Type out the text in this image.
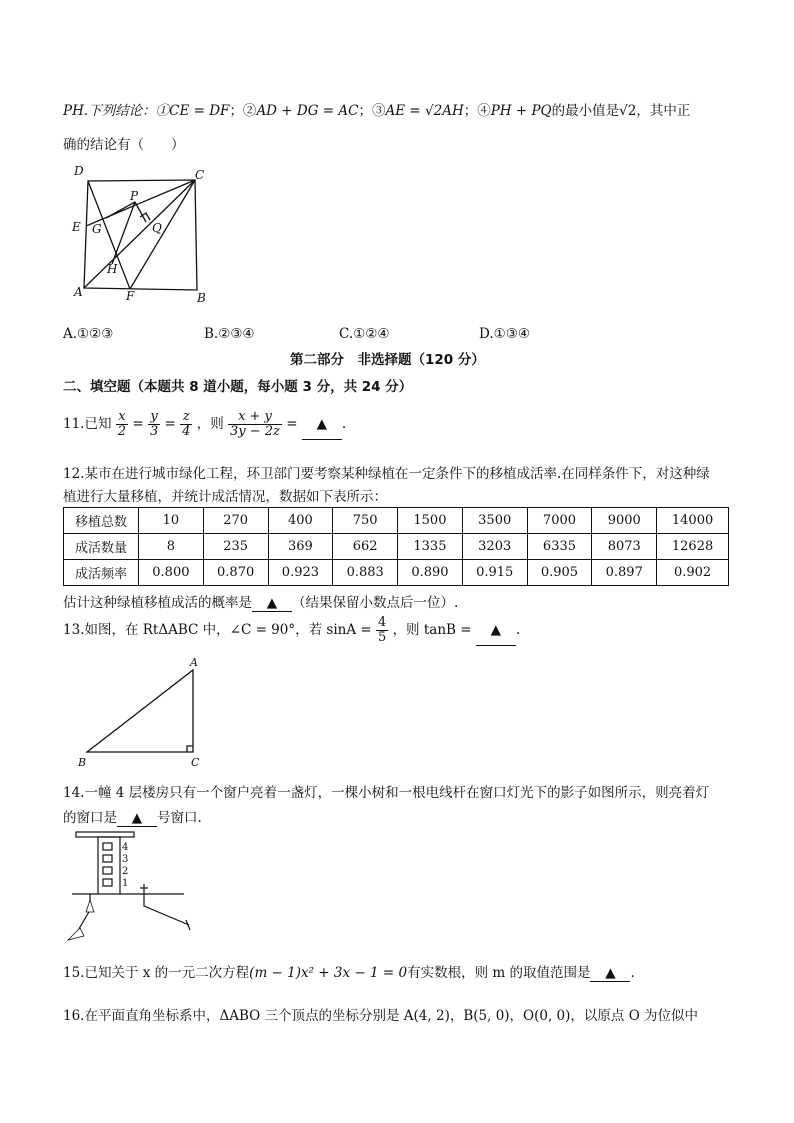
PH.下列结论：①CE = DF；②AD + DG = AC；③AE = √2AH；④PH + PQ的最小值是√2，其中正
确的结论有（　　）
D	C
P
E G	Q
H
A	F	B
A.①②③	B.②③④	C.①②④	D.①③④
第二部分　非选择题（120 分）
二、填空题（本题共 8 道小题，每小题 3 分，共 24 分）
11.已知 $\frac{x}{2} = \frac{y}{3} = \frac{z}{4}$ ，则 $\frac{x + y}{3y - 2z}$ = ▲ .
12.某市在进行城市绿化工程，环卫部门要考察某种绿植在一定条件下的移植成活率.在同样条件下，对这种绿
植进行大量移植，并统计成活情况，数据如下表所示：
移植总数	10	270	400	750	1500	3500	7000	9000	14000
成活数量	8	235	369	662	1335	3203	6335	8073	12628
成活频率	0.800	0.870	0.923	0.883	0.890	0.915	0.905	0.897	0.902
估计这种绿植移植成活的概率是 ▲ （结果保留小数点后一位）.
13.如图，在 RtΔABC 中，∠C = 90°，若 $\sin A = \frac{4}{5}$ ，则 tanB = ▲ .
A
B	C
14.一幢 4 层楼房只有一个窗户亮着一盏灯，一棵小树和一根电线杆在窗口灯光下的影子如图所示，则亮着灯
的窗口是 ▲ 号窗口.
4
3
2
1
15.已知关于 x 的一元二次方程(m − 1)x² + 3x − 1 = 0有实数根，则 m 的取值范围是 ▲ .
16.在平面直角坐标系中，ΔABO 三个顶点的坐标分别是 A(4, 2)，B(5, 0)，O(0, 0)，以原点 O 为位似中
